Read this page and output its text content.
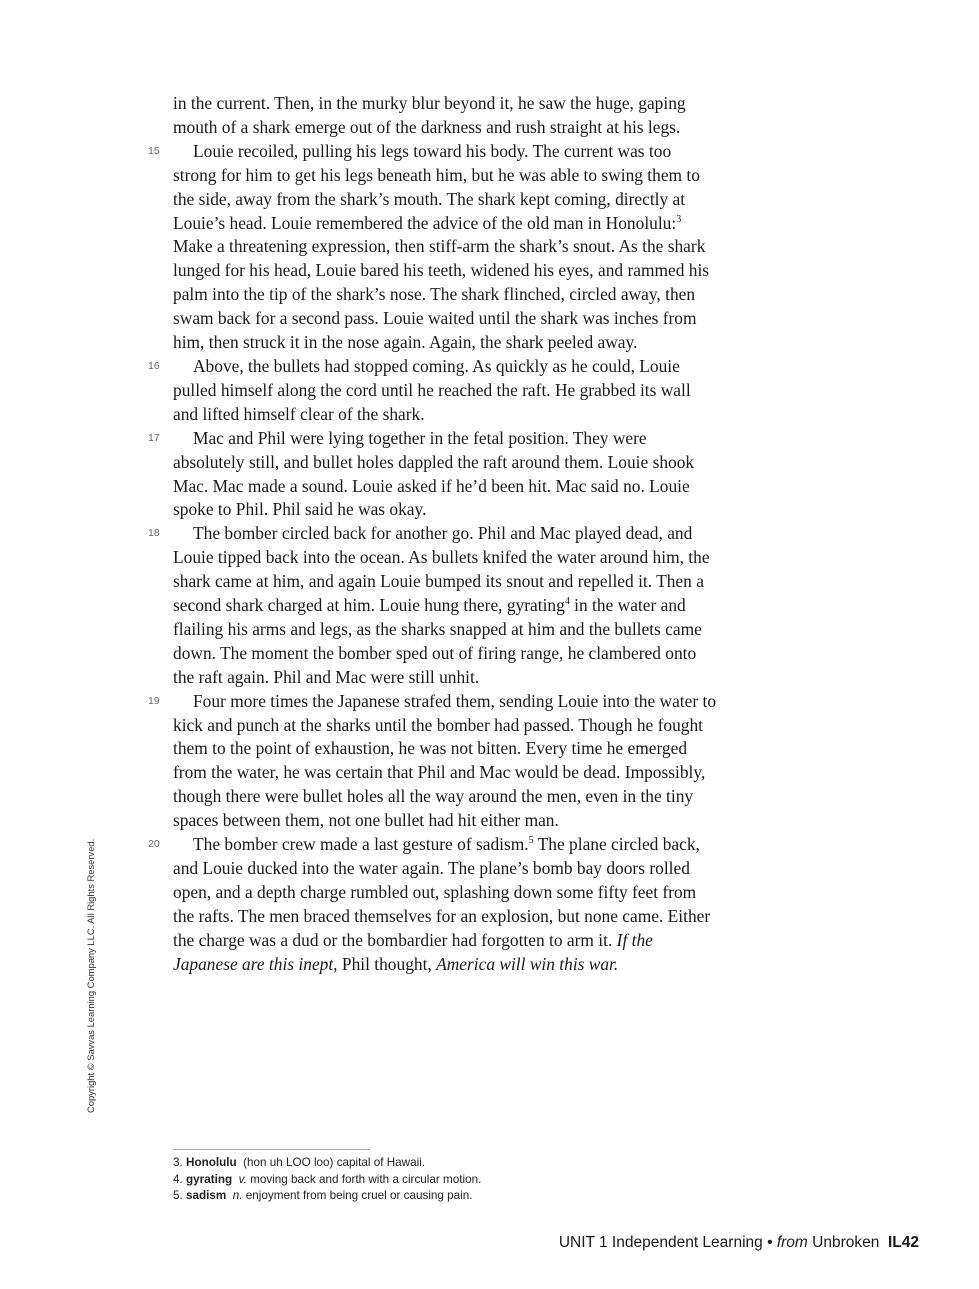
in the current. Then, in the murky blur beyond it, he saw the huge, gaping mouth of a shark emerge out of the darkness and rush straight at his legs.

15 Louie recoiled, pulling his legs toward his body. The current was too strong for him to get his legs beneath him, but he was able to swing them to the side, away from the shark’s mouth. The shark kept coming, directly at Louie’s head. Louie remembered the advice of the old man in Honolulu:$^3$ Make a threatening expression, then stiff-arm the shark’s snout. As the shark lunged for his head, Louie bared his teeth, widened his eyes, and rammed his palm into the tip of the shark’s nose. The shark flinched, circled away, then swam back for a second pass. Louie waited until the shark was inches from him, then struck it in the nose again. Again, the shark peeled away.

16 Above, the bullets had stopped coming. As quickly as he could, Louie pulled himself along the cord until he reached the raft. He grabbed its wall and lifted himself clear of the shark.

17 Mac and Phil were lying together in the fetal position. They were absolutely still, and bullet holes dappled the raft around them. Louie shook Mac. Mac made a sound. Louie asked if he’d been hit. Mac said no. Louie spoke to Phil. Phil said he was okay.

18 The bomber circled back for another go. Phil and Mac played dead, and Louie tipped back into the ocean. As bullets knifed the water around him, the shark came at him, and again Louie bumped its snout and repelled it. Then a second shark charged at him. Louie hung there, gyrating$^4$ in the water and flailing his arms and legs, as the sharks snapped at him and the bullets came down. The moment the bomber sped out of firing range, he clambered onto the raft again. Phil and Mac were still unhit.

19 Four more times the Japanese strafed them, sending Louie into the water to kick and punch at the sharks until the bomber had passed. Though he fought them to the point of exhaustion, he was not bitten. Every time he emerged from the water, he was certain that Phil and Mac would be dead. Impossibly, though there were bullet holes all the way around the men, even in the tiny spaces between them, not one bullet had hit either man.

20 The bomber crew made a last gesture of sadism.$^5$ The plane circled back, and Louie ducked into the water again. The plane’s bomb bay doors rolled open, and a depth charge rumbled out, splashing down some fifty feet from the rafts. The men braced themselves for an explosion, but none came. Either the charge was a dud or the bombardier had forgotten to arm it. If the Japanese are this inept, Phil thought, America will win this war.

Copyright © Savvas Learning Company LLC. All Rights Reserved.

3. Honolulu (hon uh LOO loo) capital of Hawaii.

4. gyrating v. moving back and forth with a circular motion.

5. sadism n. enjoyment from being cruel or causing pain.

UNIT 1 Independent Learning • from Unbroken IL42
